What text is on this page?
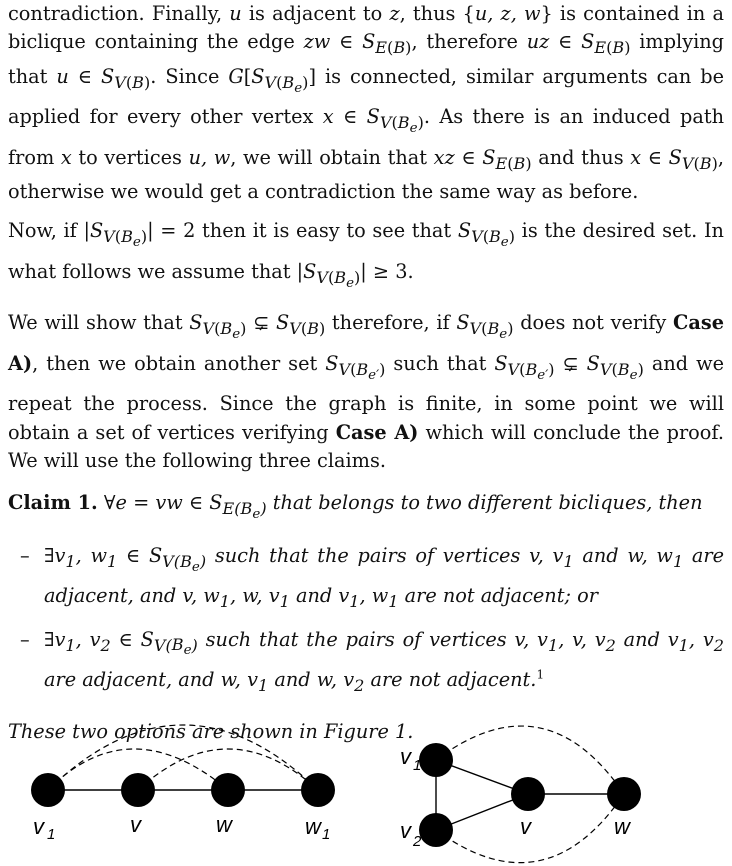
contradiction. Finally, u is adjacent to z, thus {u, z, w} is contained in a biclique containing the edge zw ∈ $S_{E(B)}$, therefore uz ∈ $S_{E(B)}$ implying that u ∈ $S_{V(B)}$. Since $G[S_{V(B_e)}]$ is connected, similar arguments can be applied for every other vertex x ∈ $S_{V(B_e)}$. As there is an induced path from x to vertices u, w, we will obtain that xz ∈ $S_{E(B)}$ and thus x ∈ $S_{V(B)}$, otherwise we would get a contradiction the same way as before.

Now, if $|S_{V(B_e)}| = 2$ then it is easy to see that $S_{V(B_e)}$ is the desired set. In what follows we assume that $|S_{V(B_e)}| \ge 3$.

We will show that $S_{V(B_e)}$ ⊊ $S_{V(B)}$ therefore, if $S_{V(B_e)}$ does not verify Case A), then we obtain another set $S_{V(B_{e'})}$ such that $S_{V(B_{e'})}$ ⊊ $S_{V(B_e)}$ and we repeat the process. Since the graph is finite, in some point we will obtain a set of vertices verifying Case A) which will conclude the proof. We will use the following three claims.

Claim 1. ∀e = vw ∈ $S_{E(B_e)}$ that belongs to two different bicliques, then

– $\exists v_1$, $w_1$ ∈ $S_{V(B_e)}$ such that the pairs of vertices v, $v_1$ and w, $w_1$ are adjacent, and v, $w_1$, w, $v_1$ and $v_1$, $w_1$ are not adjacent; or
– $\exists v_1$, $v_2$ ∈ $S_{V(B_e)}$ such that the pairs of vertices v, $v_1$, v, $v_2$ and $v_1$, $v_2$ are adjacent, and w, $v_1$ and w, $v_2$ are not adjacent.$^1$

These two options are shown in Figure 1.

v 1	v	w	w 1
v 1
v 2
v	w
